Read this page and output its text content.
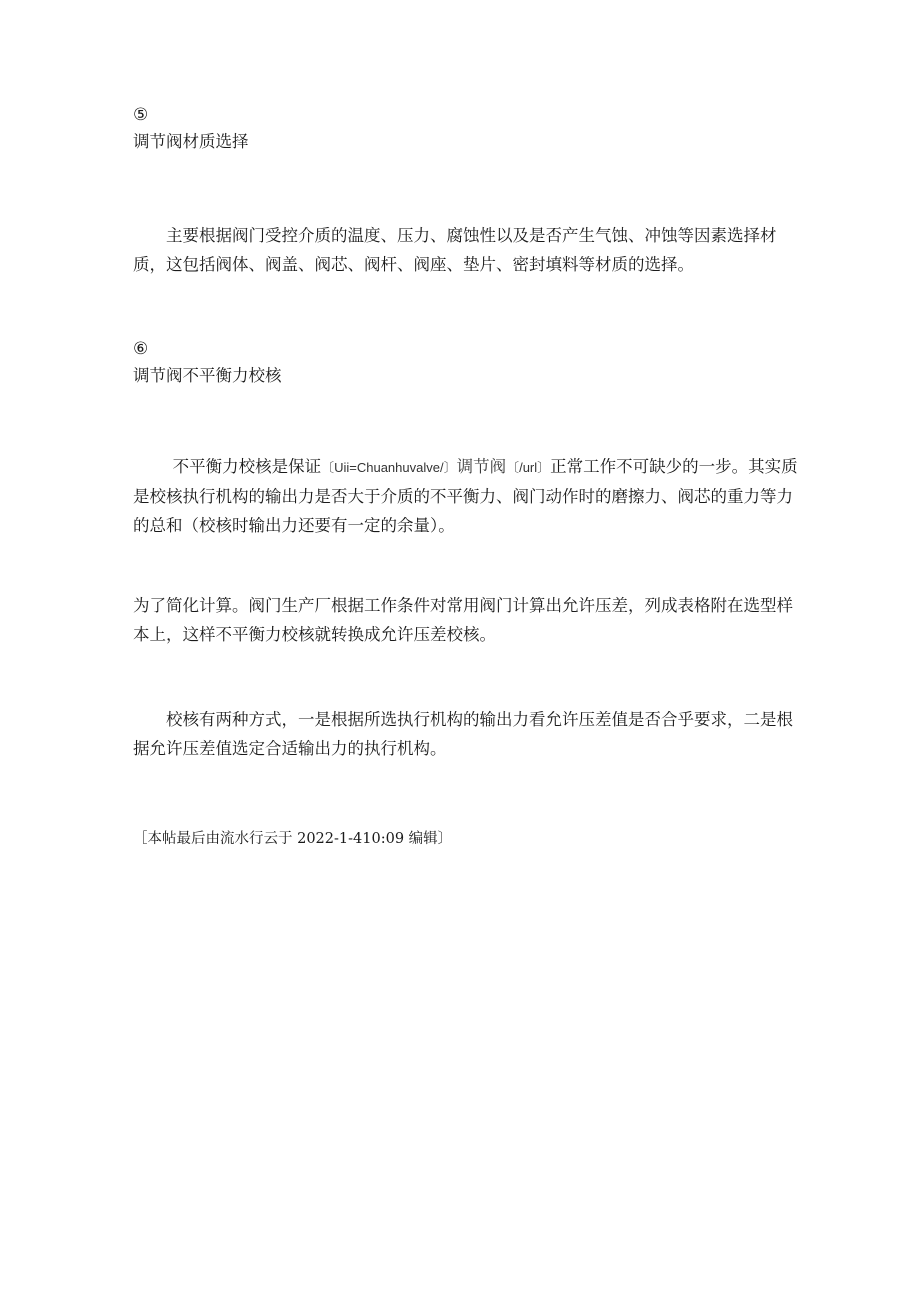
⑤
调节阀材质选择

主要根据阀门受控介质的温度、压力、腐蚀性以及是否产生气蚀、冲蚀等因素选择材质，这包括阀体、阀盖、阀芯、阀杆、阀座、垫片、密封填料等材质的选择。

⑥
调节阀不平衡力校核

不平衡力校核是保证〔Uii=Chuanhuvalve/〕调节阀〔/url〕正常工作不可缺少的一步。其实质是校核执行机构的输出力是否大于介质的不平衡力、阀门动作时的磨擦力、阀芯的重力等力的总和（校核时输出力还要有一定的余量）。

为了简化计算。阀门生产厂根据工作条件对常用阀门计算出允许压差，列成表格附在选型样本上，这样不平衡力校核就转换成允许压差校核。

校核有两种方式，一是根据所选执行机构的输出力看允许压差值是否合乎要求，二是根据允许压差值选定合适输出力的执行机构。

［本帖最后由流水行云于 2022-1-410:09 编辑〕
